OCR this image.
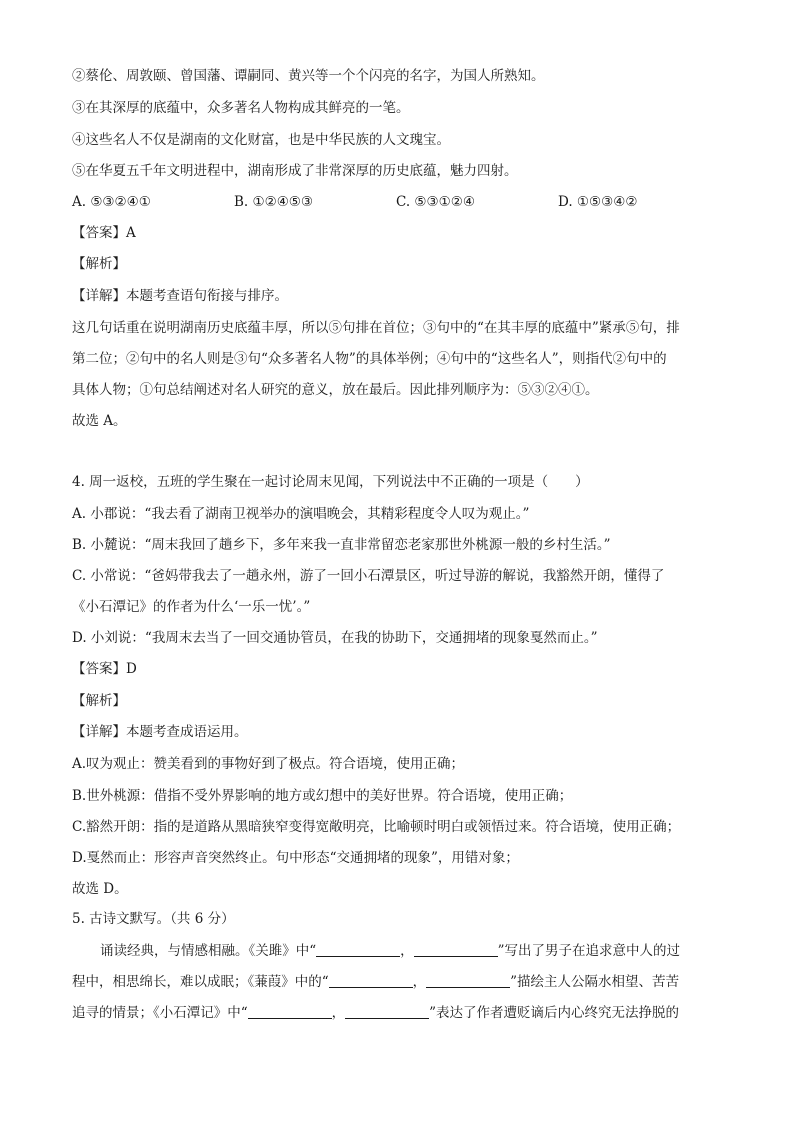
②蔡伦、周敦颐、曾国藩、谭嗣同、黄兴等一个个闪亮的名字，为国人所熟知。
③在其深厚的底蕴中，众多著名人物构成其鲜亮的一笔。
④这些名人不仅是湖南的文化财富，也是中华民族的人文瑰宝。
⑤在华夏五千年文明进程中，湖南形成了非常深厚的历史底蕴，魅力四射。
A. ⑤③②④①	B. ①②④⑤③	C. ⑤③①②④	D. ①⑤③④②
【答案】A
【解析】
【详解】本题考查语句衔接与排序。
这几句话重在说明湖南历史底蕴丰厚，所以⑤句排在首位；③句中的“在其丰厚的底蕴中”紧承⑤句，排
第二位；②句中的名人则是③句“众多著名人物”的具体举例；④句中的“这些名人”，则指代②句中的
具体人物；①句总结阐述对名人研究的意义，放在最后。因此排列顺序为：⑤③②④①。
故选 A。
4. 周一返校，五班的学生聚在一起讨论周末见闻，下列说法中不正确的一项是（　　）
A. 小郡说：“我去看了湖南卫视举办的演唱晚会，其精彩程度令人叹为观止。”
B. 小麓说：“周末我回了趟乡下，多年来我一直非常留恋老家那世外桃源一般的乡村生活。”
C. 小常说：“爸妈带我去了一趟永州，游了一回小石潭景区，听过导游的解说，我豁然开朗，懂得了
《小石潭记》的作者为什么‘一乐一忧’。”
D. 小刘说：“我周末去当了一回交通协管员，在我的协助下，交通拥堵的现象戛然而止。”
【答案】D
【解析】
【详解】本题考查成语运用。
A.叹为观止：赞美看到的事物好到了极点。符合语境，使用正确；
B.世外桃源：借指不受外界影响的地方或幻想中的美好世界。符合语境，使用正确；
C.豁然开朗：指的是道路从黑暗狭窄变得宽敞明亮，比喻顿时明白或领悟过来。符合语境，使用正确；
D.戛然而止：形容声音突然终止。句中形态“交通拥堵的现象”，用错对象；
故选 D。
5. 古诗文默写。（共 6 分）
诵读经典，与情感相融。《关雎》中“	，	”写出了男子在追求意中人的过
程中，相思绵长，难以成眠；《蒹葭》中的“	，	”描绘主人公隔水相望、苦苦
追寻的情景；《小石潭记》中“	，	”表达了作者遭贬谪后内心终究无法挣脱的
